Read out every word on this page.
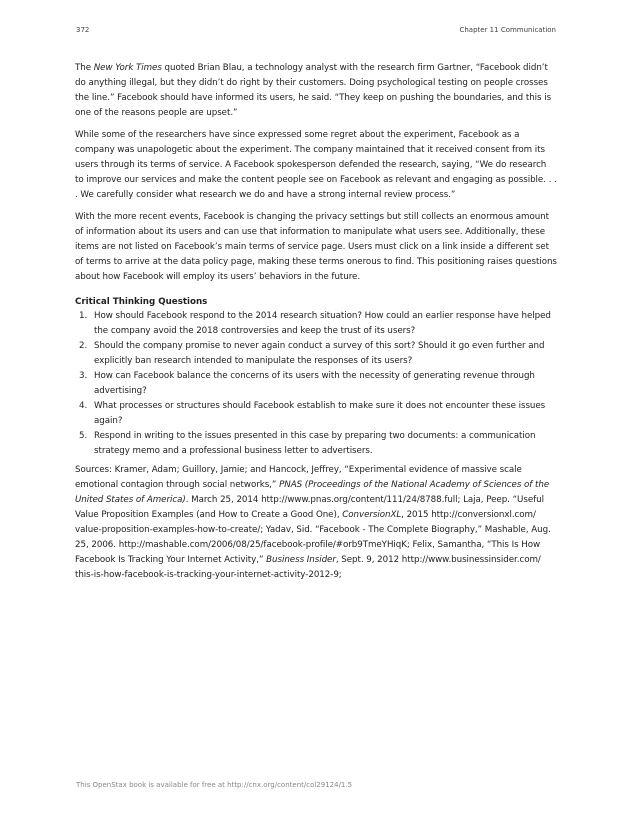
372	Chapter 11 Communication

The New York Times quoted Brian Blau, a technology analyst with the research firm Gartner, “Facebook didn’t do anything illegal, but they didn’t do right by their customers. Doing psychological testing on people crosses the line.” Facebook should have informed its users, he said. “They keep on pushing the boundaries, and this is one of the reasons people are upset.”

While some of the researchers have since expressed some regret about the experiment, Facebook as a company was unapologetic about the experiment. The company maintained that it received consent from its users through its terms of service. A Facebook spokesperson defended the research, saying, “We do research to improve our services and make the content people see on Facebook as relevant and engaging as possible. . . . We carefully consider what research we do and have a strong internal review process.”

With the more recent events, Facebook is changing the privacy settings but still collects an enormous amount of information about its users and can use that information to manipulate what users see. Additionally, these items are not listed on Facebook’s main terms of service page. Users must click on a link inside a different set of terms to arrive at the data policy page, making these terms onerous to find. This positioning raises questions about how Facebook will employ its users’ behaviors in the future.

Critical Thinking Questions
1. How should Facebook respond to the 2014 research situation? How could an earlier response have helped the company avoid the 2018 controversies and keep the trust of its users?
2. Should the company promise to never again conduct a survey of this sort? Should it go even further and explicitly ban research intended to manipulate the responses of its users?
3. How can Facebook balance the concerns of its users with the necessity of generating revenue through advertising?
4. What processes or structures should Facebook establish to make sure it does not encounter these issues again?
5. Respond in writing to the issues presented in this case by preparing two documents: a communication strategy memo and a professional business letter to advertisers.

Sources: Kramer, Adam; Guillory, Jamie; and Hancock, Jeffrey, “Experimental evidence of massive scale emotional contagion through social networks,” PNAS (Proceedings of the National Academy of Sciences of the United States of America). March 25, 2014 http://www.pnas.org/content/111/24/8788.full; Laja, Peep. “Useful Value Proposition Examples (and How to Create a Good One), ConversionXL, 2015 http://conversionxl.com/ value-proposition-examples-how-to-create/; Yadav, Sid. “Facebook - The Complete Biography,” Mashable, Aug. 25, 2006. http://mashable.com/2006/08/25/facebook-profile/#orb9TmeYHiqK; Felix, Samantha, “This Is How Facebook Is Tracking Your Internet Activity,” Business Insider, Sept. 9, 2012 http://www.businessinsider.com/ this-is-how-facebook-is-tracking-your-internet-activity-2012-9;

This OpenStax book is available for free at http://cnx.org/content/col29124/1.5
